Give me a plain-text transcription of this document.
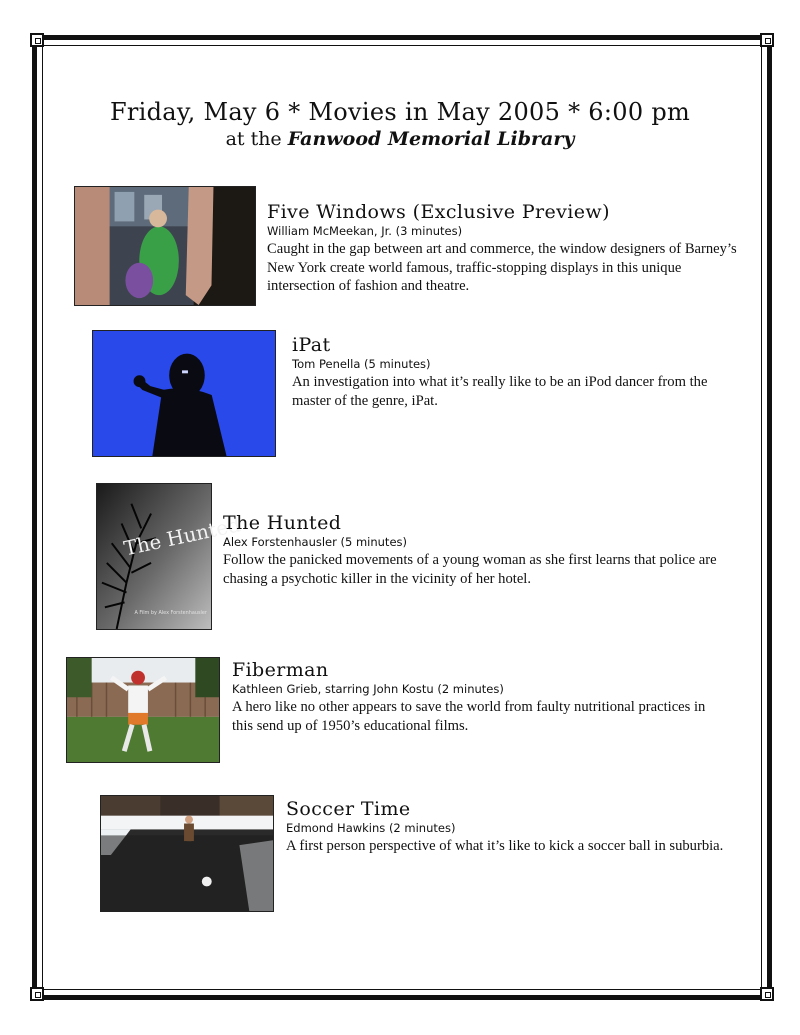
Friday, May 6 * Movies in May 2005 * 6:00 pm
at the Fanwood Memorial Library
Five Windows (Exclusive Preview)
William McMeekan, Jr. (3 minutes)
Caught in the gap between art and commerce, the window designers of Barney’s New York create world famous, traffic-stopping displays in this unique intersection of fashion and theatre.
iPat
Tom Penella (5 minutes)
An investigation into what it’s really like to be an iPod dancer from the master of the genre, iPat.
The Hunted
A Film by Alex Forstenhausler
The Hunted
Alex Forstenhausler (5 minutes)
Follow the panicked movements of a young woman as she first learns that police are chasing a psychotic killer in the vicinity of her hotel.
Fiberman
Kathleen Grieb, starring John Kostu (2 minutes)
A hero like no other appears to save the world from faulty nutritional practices in this send up of 1950’s educational films.
Soccer Time
Edmond Hawkins (2 minutes)
A first person perspective of what it’s like to kick a soccer ball in suburbia.
